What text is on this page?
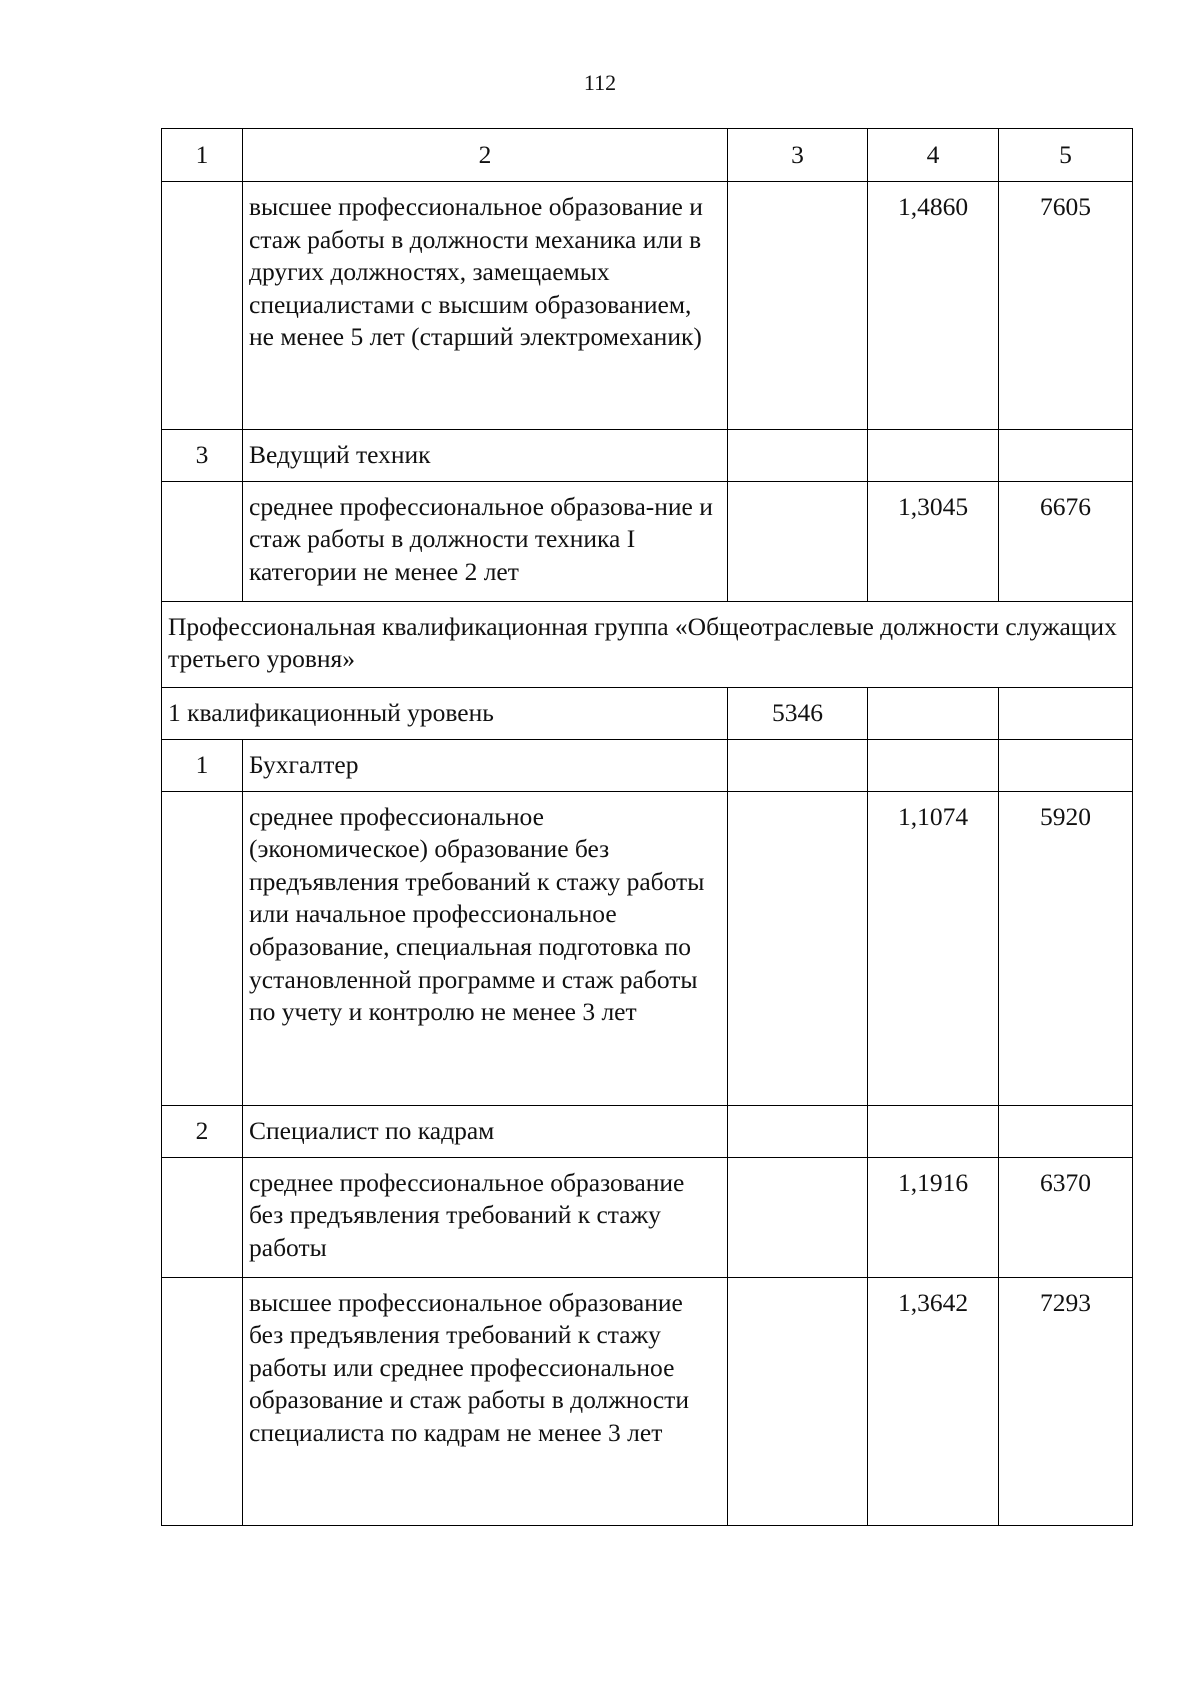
112
1	2	3	4	5
	высшее профессиональное образование и стаж работы в должности механика или в других должностях, замещаемых специалистами с высшим образованием, не менее 5 лет (старший электромеханик)		1,4860	7605
3	Ведущий техник			
	среднее профессиональное образова-ние и стаж работы в должности техника I категории не менее 2 лет		1,3045	6676
Профессиональная квалификационная группа «Общеотраслевые должности служащих третьего уровня»				
1 квалификационный уровень		5346		
1	Бухгалтер			
	среднее профессиональное (экономическое) образование без предъявления требований к стажу работы или начальное профессиональное образование, специальная подготовка по установленной программе и стаж работы по учету и контролю не менее 3 лет		1,1074	5920
2	Специалист по кадрам			
	среднее профессиональное образование без предъявления требований к стажу работы		1,1916	6370
	высшее профессиональное образование без предъявления требований к стажу работы или среднее профессиональное образование и стаж работы в должности специалиста по кадрам не менее 3 лет		1,3642	7293
